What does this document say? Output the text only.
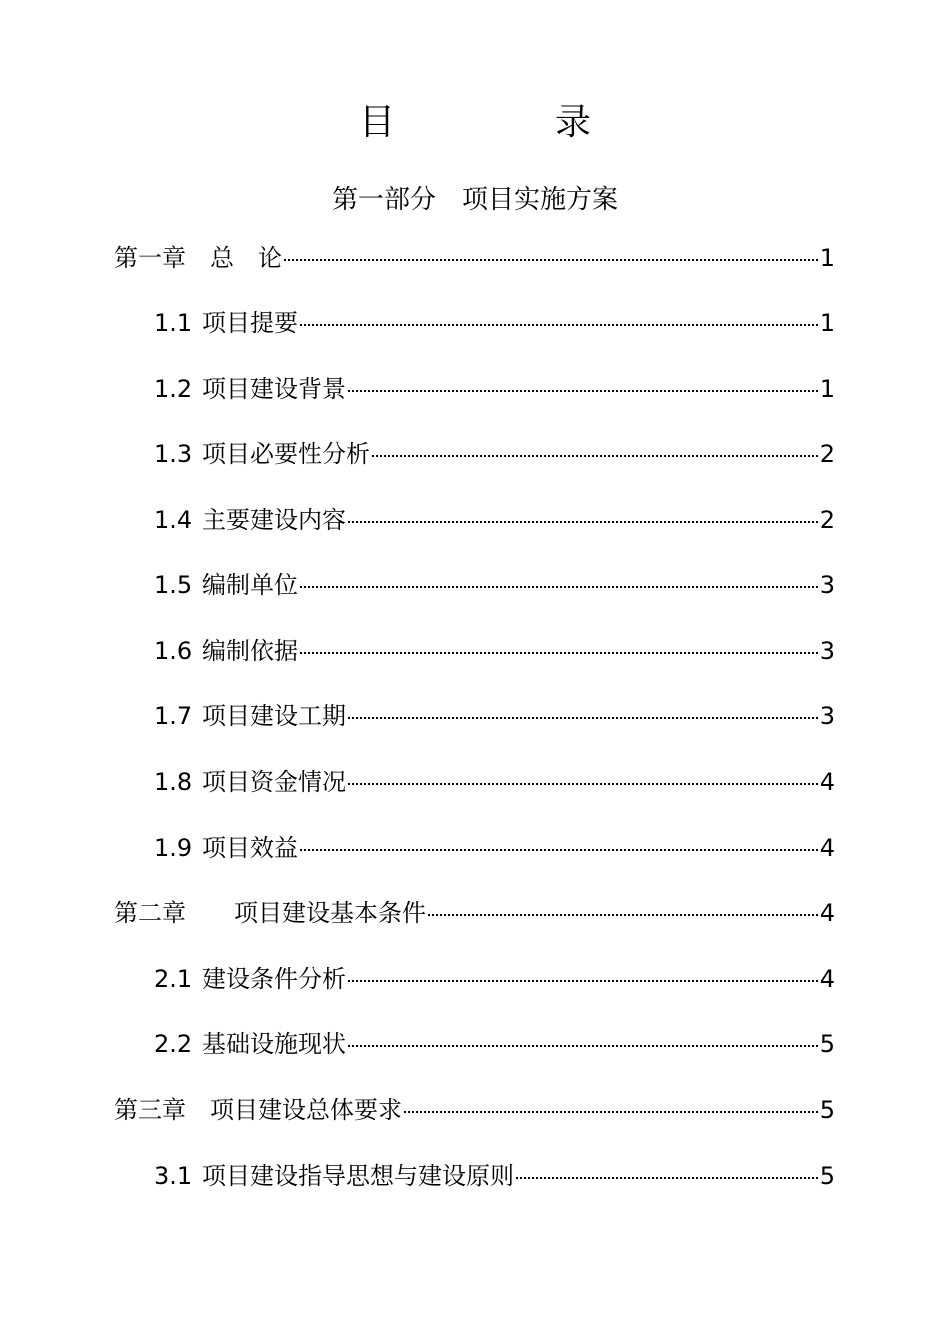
目　录
第一部分　项目实施方案
第一章　总　论	1
1.1 项目提要	1
1.2 项目建设背景	1
1.3 项目必要性分析	2
1.4 主要建设内容	2
1.5 编制单位	3
1.6 编制依据	3
1.7 项目建设工期	3
1.8 项目资金情况	4
1.9 项目效益	4
第二章　　项目建设基本条件	4
2.1 建设条件分析	4
2.2 基础设施现状	5
第三章　项目建设总体要求	5
3.1 项目建设指导思想与建设原则	5
